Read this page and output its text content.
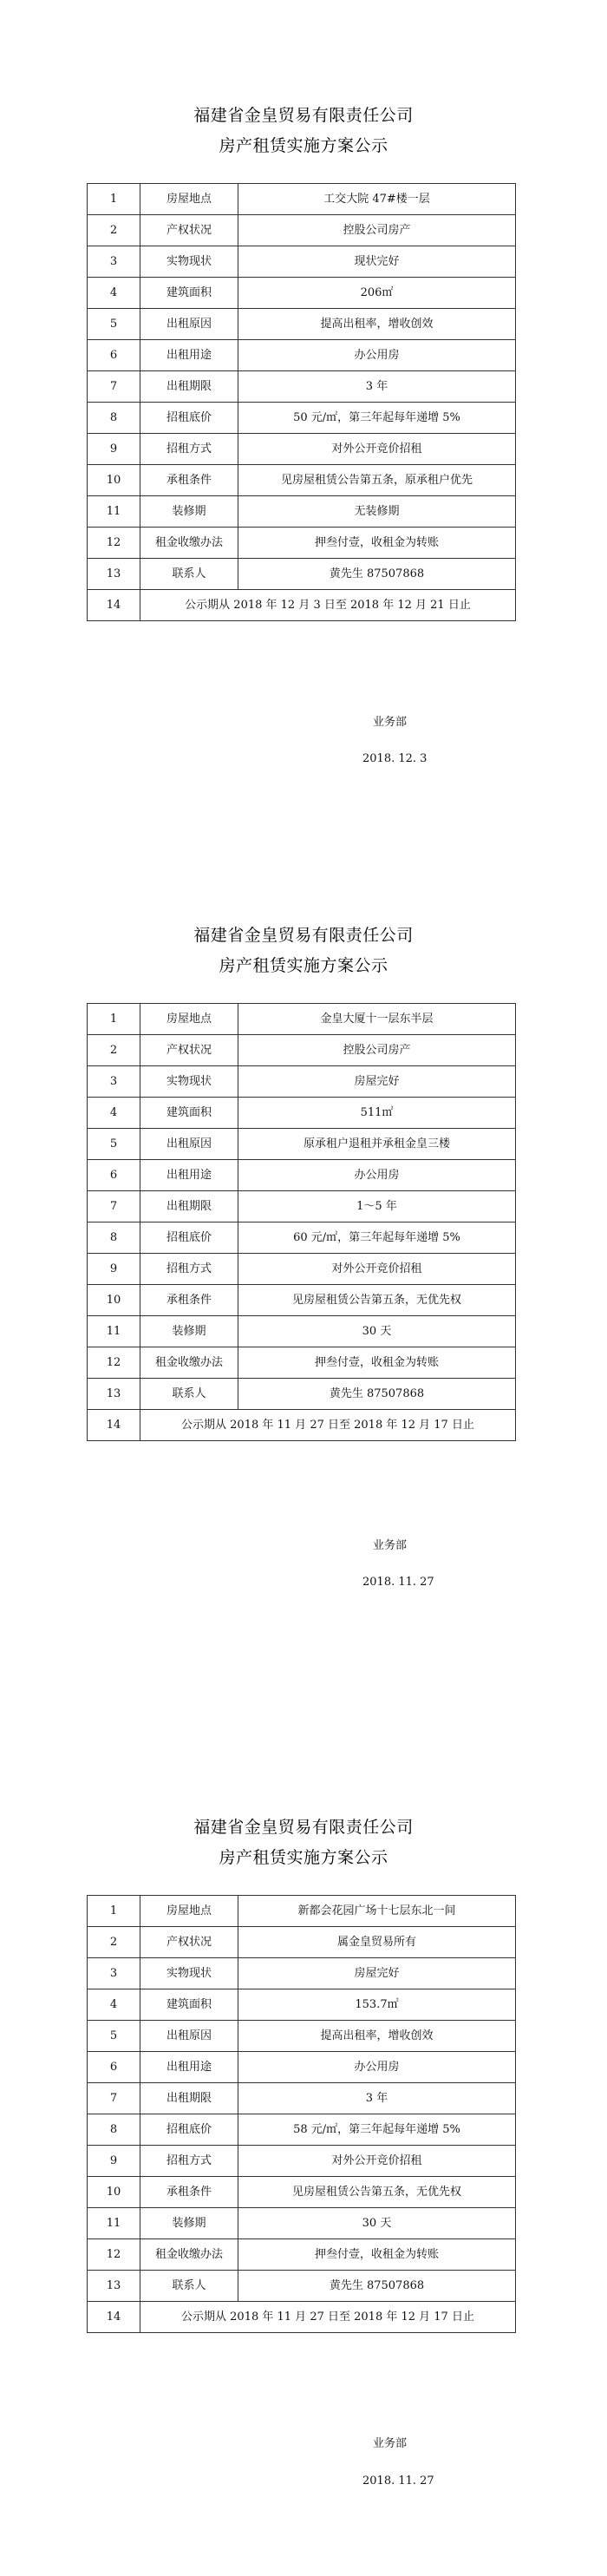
福建省金皇贸易有限责任公司
房产租赁实施方案公示
1	房屋地点	工交大院 47#楼一层
2	产权状况	控股公司房产
3	实物现状	现状完好
4	建筑面积	206㎡
5	出租原因	提高出租率，增收创效
6	出租用途	办公用房
7	出租期限	3 年
8	招租底价	50 元/㎡，第三年起每年递增 5%
9	招租方式	对外公开竞价招租
10	承租条件	见房屋租赁公告第五条，原承租户优先
11	装修期	无装修期
12	租金收缴办法	押叁付壹，收租金为转账
13	联系人	黄先生 87507868
14	公示期从 2018 年 12 月 3 日至 2018 年 12 月 21 日止	
业务部
2018. 12. 3
福建省金皇贸易有限责任公司
房产租赁实施方案公示
1	房屋地点	金皇大厦十一层东半层
2	产权状况	控股公司房产
3	实物现状	房屋完好
4	建筑面积	511㎡
5	出租原因	原承租户退租并承租金皇三楼
6	出租用途	办公用房
7	出租期限	1～5 年
8	招租底价	60 元/㎡，第三年起每年递增 5%
9	招租方式	对外公开竞价招租
10	承租条件	见房屋租赁公告第五条，无优先权
11	装修期	30 天
12	租金收缴办法	押叁付壹，收租金为转账
13	联系人	黄先生 87507868
14	公示期从 2018 年 11 月 27 日至 2018 年 12 月 17 日止	
业务部
2018. 11. 27
福建省金皇贸易有限责任公司
房产租赁实施方案公示
1	房屋地点	新都会花园广场十七层东北一间
2	产权状况	属金皇贸易所有
3	实物现状	房屋完好
4	建筑面积	153.7㎡
5	出租原因	提高出租率，增收创效
6	出租用途	办公用房
7	出租期限	3 年
8	招租底价	58 元/㎡，第三年起每年递增 5%
9	招租方式	对外公开竞价招租
10	承租条件	见房屋租赁公告第五条，无优先权
11	装修期	30 天
12	租金收缴办法	押叁付壹，收租金为转账
13	联系人	黄先生 87507868
14	公示期从 2018 年 11 月 27 日至 2018 年 12 月 17 日止	
业务部
2018. 11. 27
